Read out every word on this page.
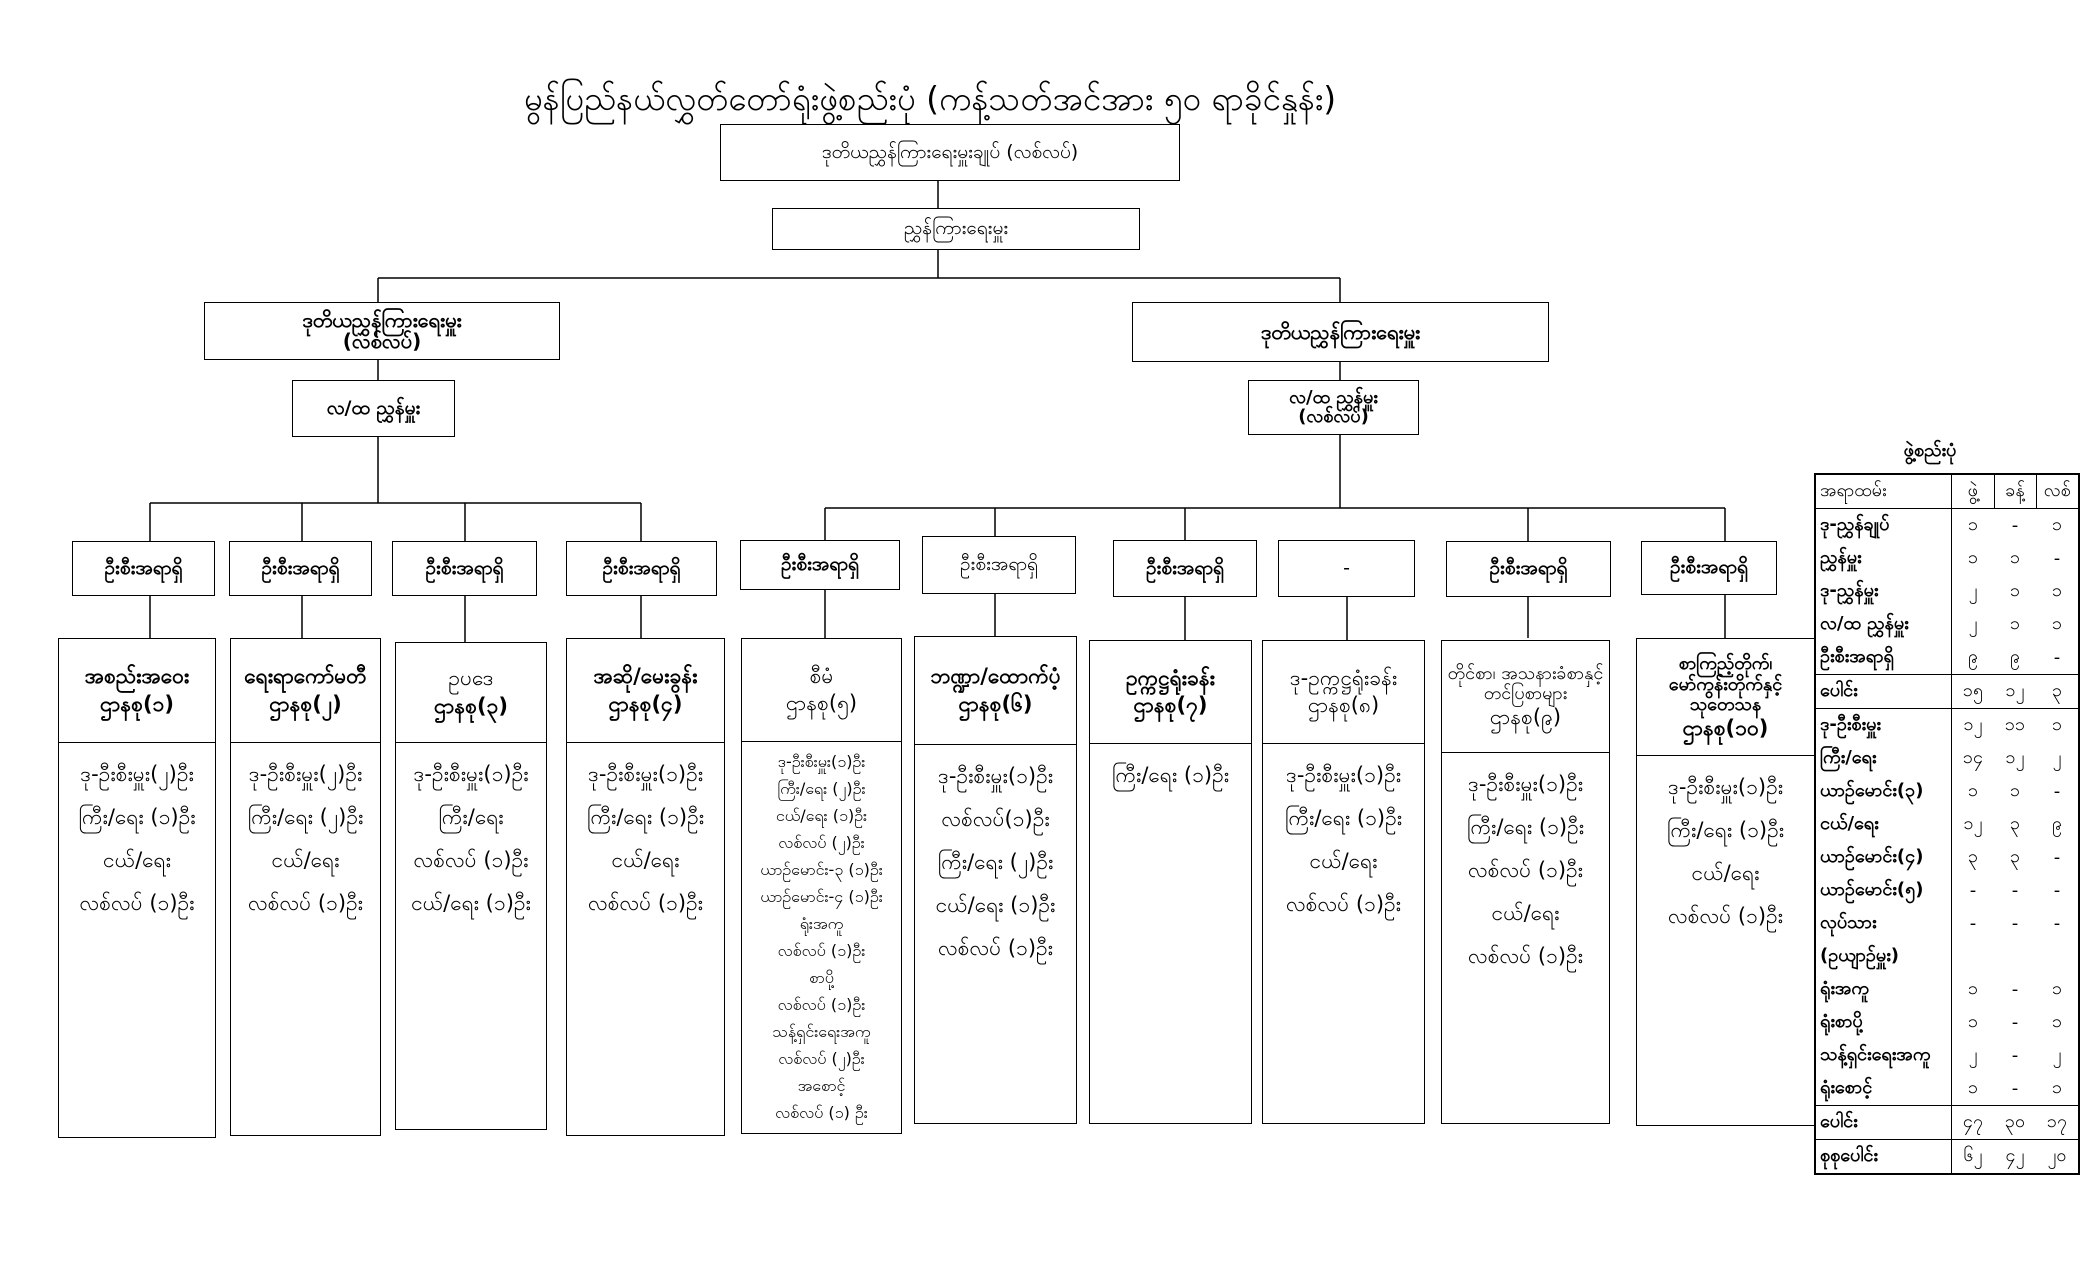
မွန်ပြည်နယ်လွှတ်တော်ရုံးဖွဲ့စည်းပုံ (ကန့်သတ်အင်အား ၅၀ ရာခိုင်နှုန်း)
ဒုတိယညွှန်ကြားရေးမှူးချုပ် (လစ်လပ်)
ညွှန်ကြားရေးမှူး
ဒုတိယညွှန်ကြားရေးမှူး
(လစ်လပ်)
လ/ထ ညွှန်မှူး
ဒုတိယညွှန်ကြားရေးမှူး
လ/ထ ညွှန်မှူး
(လစ်လပ်)
ဦးစီးအရာရှိ	ဦးစီးအရာရှိ	ဦးစီးအရာရှိ	ဦးစီးအရာရှိ	ဦးစီးအရာရှိ	ဦးစီးအရာရှိ	ဦးစီးအရာရှိ	-	ဦးစီးအရာရှိ	ဦးစီးအရာရှိ
အစည်းအဝေး
ဌာနစု(၁)
ဒု-ဦးစီးမှူး(၂)ဦး
ကြီး/ရေး (၁)ဦး
ငယ်/ရေး
လစ်လပ် (၁)ဦး
ရေးရာကော်မတီ
ဌာနစု(၂)
ဒု-ဦးစီးမှူး(၂)ဦး
ကြီး/ရေး (၂)ဦး
ငယ်/ရေး
လစ်လပ် (၁)ဦး
ဥပဒေ
ဌာနစု(၃)
ဒု-ဦးစီးမှူး(၁)ဦး
ကြီး/ရေး
လစ်လပ် (၁)ဦး
ငယ်/ရေး (၁)ဦး
အဆို/မေးခွန်း
ဌာနစု(၄)
ဒု-ဦးစီးမှူး(၁)ဦး
ကြီး/ရေး (၁)ဦး
ငယ်/ရေး
လစ်လပ် (၁)ဦး
စီမံ
ဌာနစု(၅)
ဒု-ဦးစီးမှူး(၁)ဦး
ကြီး/ရေး (၂)ဦး
ငယ်/ရေး (၁)ဦး
လစ်လပ် (၂)ဦး
ယာဉ်မောင်း-၃ (၁)ဦး
ယာဉ်မောင်း-၄ (၁)ဦး
ရုံးအကူ
လစ်လပ် (၁)ဦး
စာပို့
လစ်လပ် (၁)ဦး
သန့်ရှင်းရေးအကူ
လစ်လပ် (၂)ဦး
အစောင့်
လစ်လပ် (၁) ဦး
ဘဏ္ဍာ/ထောက်ပံ့
ဌာနစု(၆)
ဒု-ဦးစီးမှူး(၁)ဦး
လစ်လပ်(၁)ဦး
ကြီး/ရေး (၂)ဦး
ငယ်/ရေး (၁)ဦး
လစ်လပ် (၁)ဦး
ဥက္ကဋ္ဌရုံးခန်း
ဌာနစု(၇)
ကြီး/ရေး (၁)ဦး
ဒု-ဥက္ကဋ္ဌရုံးခန်း
ဌာနစု(၈)
ဒု-ဦးစီးမှူး(၁)ဦး
ကြီး/ရေး (၁)ဦး
ငယ်/ရေး
လစ်လပ် (၁)ဦး
တိုင်စာ၊ အသနားခံစာနှင့် တင်ပြစာများ
ဌာနစု(၉)
ဒု-ဦးစီးမှူး(၁)ဦး
ကြီး/ရေး (၁)ဦး
လစ်လပ် (၁)ဦး
ငယ်/ရေး
လစ်လပ် (၁)ဦး
စာကြည့်တိုက်၊ မော်ကွန်းတိုက်နှင့် သုတေသန
ဌာနစု(၁၀)
ဒု-ဦးစီးမှူး(၁)ဦး
ကြီး/ရေး (၁)ဦး
ငယ်/ရေး
လစ်လပ် (၁)ဦး
ဖွဲ့စည်းပုံ
အရာထမ်း	ဖွဲ့	ခန့်	လစ်
ဒု-ညွှန်ချုပ်	၁	-	၁
ညွှန်မှူး	၁	၁	-
ဒု-ညွှန်မှူး	၂	၁	၁
လ/ထ ညွှန်မှူး	၂	၁	၁
ဦးစီးအရာရှိ	၉	၉	-
ပေါင်း	၁၅	၁၂	၃
ဒု-ဦးစီးမှူး	၁၂	၁၁	၁
ကြီး/ရေး	၁၄	၁၂	၂
ယာဉ်မောင်း(၃)	၁	၁	-
ငယ်/ရေး	၁၂	၃	၉
ယာဉ်မောင်း(၄)	၃	၃	-
ယာဉ်မောင်း(၅)	-	-	-
လုပ်သား	-	-	-
(ဥယျာဉ်မှူး)			
ရုံးအကူ	၁	-	၁
ရုံးစာပို့	၁	-	၁
သန့်ရှင်းရေးအကူ	၂	-	၂
ရုံးစောင့်	၁	-	၁
ပေါင်း	၄၇	၃၀	၁၇
စုစုပေါင်း	၆၂	၄၂	၂၀
